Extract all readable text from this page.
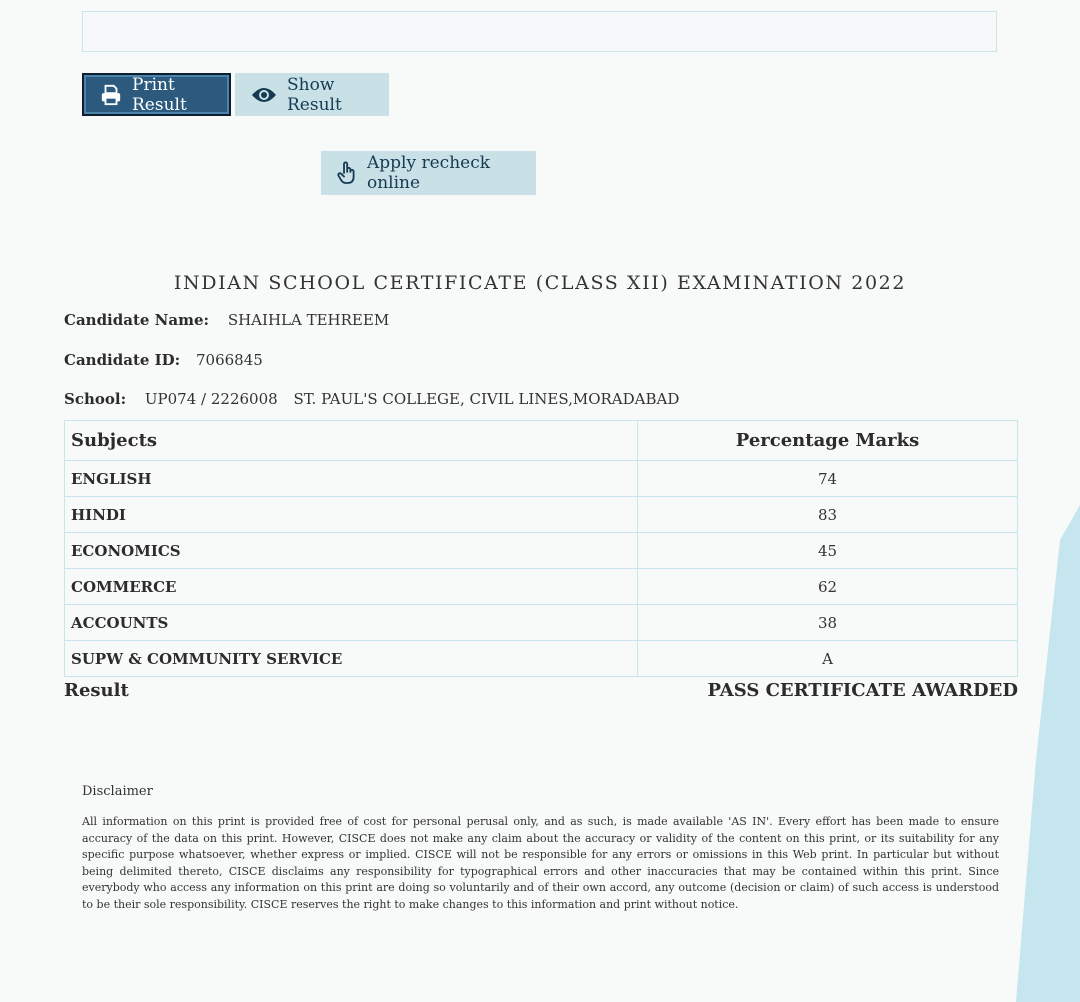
Print Result
Show Result
Apply recheck online
INDIAN SCHOOL CERTIFICATE (CLASS XII) EXAMINATION 2022
Candidate Name: SHAIHLA TEHREEM
Candidate ID: 7066845
School: UP074 / 2226008 ST. PAUL'S COLLEGE, CIVIL LINES,MORADABAD
Subjects	Percentage Marks
ENGLISH	74
HINDI	83
ECONOMICS	45
COMMERCE	62
ACCOUNTS	38
SUPW & COMMUNITY SERVICE	A
Result	PASS CERTIFICATE AWARDED
Disclaimer
All information on this print is provided free of cost for personal perusal only, and as such, is made available 'AS IN'. Every effort has been made to ensure accuracy of the data on this print. However, CISCE does not make any claim about the accuracy or validity of the content on this print, or its suitability for any specific purpose whatsoever, whether express or implied. CISCE will not be responsible for any errors or omissions in this Web print. In particular but without being delimited thereto, CISCE disclaims any responsibility for typographical errors and other inaccuracies that may be contained within this print. Since everybody who access any information on this print are doing so voluntarily and of their own accord, any outcome (decision or claim) of such access is understood to be their sole responsibility. CISCE reserves the right to make changes to this information and print without notice.
